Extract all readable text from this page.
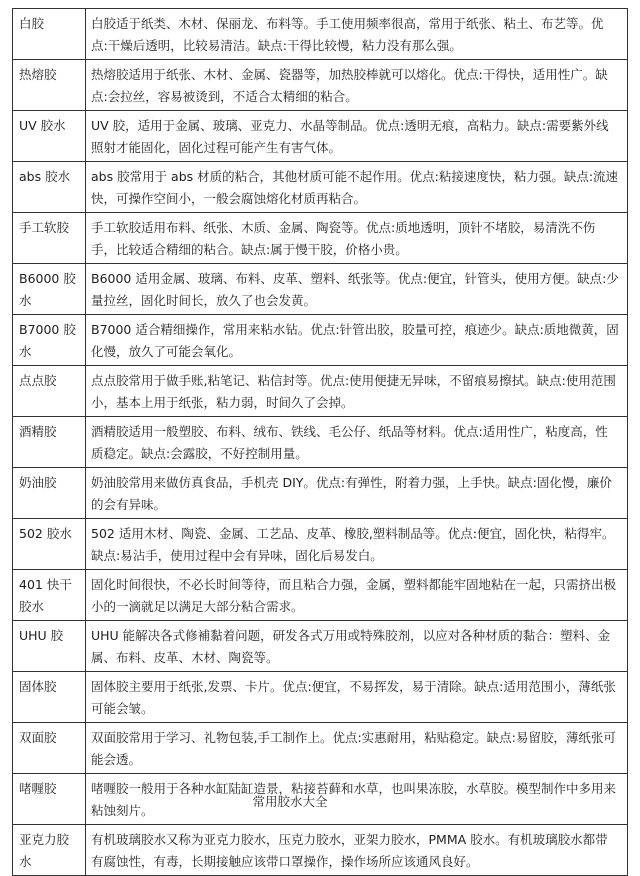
白胶	白胶适于纸类、木材、保丽龙、布料等。手工使用频率很高，常用于纸张、粘土、布艺等。优点:干燥后透明，比较易清洁。缺点:干得比较慢，粘力没有那么强。
热熔胶	热熔胶适用于纸张、木材、金属、瓷器等，加热胶棒就可以熔化。优点:干得快，适用性广。缺点:会拉丝，容易被烫到，不适合太精细的粘合。
UV 胶水	UV 胶，适用于金属、玻璃、亚克力、水晶等制品。优点:透明无痕，高粘力。缺点:需要紫外线照射才能固化，固化过程可能产生有害气体。
abs 胶水	abs 胶常用于 abs 材质的粘合，其他材质可能不起作用。优点:粘接速度快，粘力强。缺点:流速快，可操作空间小，一般会腐蚀熔化材质再粘合。
手工软胶	手工软胶适用布料、纸张、木质、金属、陶瓷等。优点:质地透明，顶针不堵胶，易清洗不伤手，比较适合精细的粘合。缺点:属于慢干胶，价格小贵。
B6000 胶水	B6000 适用金属、玻璃、布料、皮革、塑料、纸张等。优点:便宜，针管头，使用方便。缺点:少量拉丝，固化时间长，放久了也会发黄。
B7000 胶水	B7000 适合精细操作，常用来粘水钻。优点:针管出胶，胶量可控，痕迹少。缺点:质地微黄，固化慢，放久了可能会氧化。
点点胶	点点胶常用于做手账,粘笔记、粘信封等。优点:使用便捷无异味，不留痕易擦拭。缺点:使用范围小，基本上用于纸张，粘力弱，时间久了会掉。
酒精胶	酒精胶适用一般塑胶、布料、绒布、铁线、毛公仔、纸品等材料。优点:适用性广，粘度高，性质稳定。缺点:会露胶，不好控制用量。
奶油胶	奶油胶常用来做仿真食品，手机壳 DIY。优点:有弹性，附着力强，上手快。缺点:固化慢，廉价的会有异味。
502 胶水	502 适用木材、陶瓷、金属、工艺品、皮革、橡胶,塑料制品等。优点:便宜，固化快，粘得牢。缺点:易沾手，使用过程中会有异味，固化后易发白。
401 快干胶水	固化时间很快，不必长时间等待，而且粘合力强，金属，塑料都能牢固地粘在一起，只需挤出极小的一滴就足以满足大部分粘合需求。
UHU 胶	UHU 能解决各式修補黏着问题，研发各式万用或特殊胶剂，以应对各种材质的黏合：塑料、金属、布料、皮革、木材、陶瓷等。
固体胶	固体胶主要用于纸张,发票、卡片。优点:便宜，不易挥发，易于清除。缺点:适用范围小，薄纸张可能会皱。
双面胶	双面胶常用于学习、礼物包装,手工制作上。优点:实惠耐用，粘贴稳定。缺点:易留胶，薄纸张可能会透。
啫喱胶	啫喱胶一般用于各种水缸陆缸造景，粘接苔藓和水草，也叫果冻胶，水草胶。模型制作中多用来粘蚀刻片。
亚克力胶水	有机玻璃胶水又称为亚克力胶水，压克力胶水，亚架力胶水，PMMA 胶水。有机玻璃胶水都带有腐蚀性，有毒，长期接触应该带口罩操作，操作场所应该通风良好。
常用胶水大全
